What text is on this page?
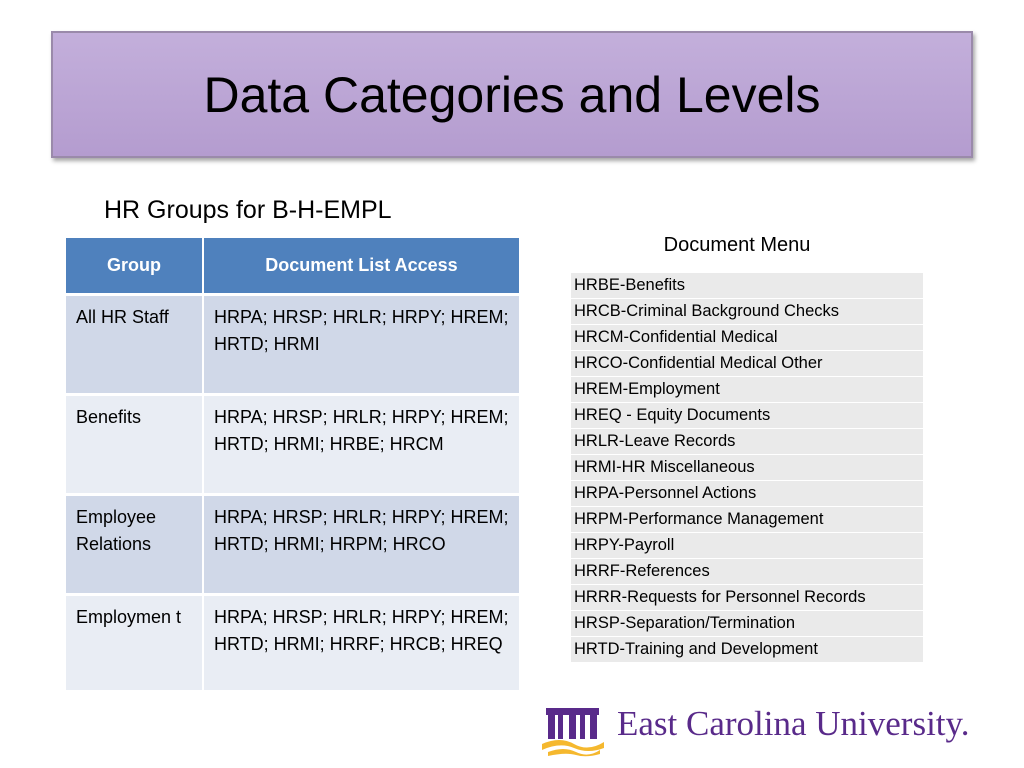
Data Categories and Levels
HR Groups for B-H-EMPL
Group	Document List Access
All HR Staff	HRPA; HRSP; HRLR; HRPY; HREM; HRTD; HRMI
Benefits	HRPA; HRSP; HRLR; HRPY; HREM; HRTD; HRMI; HRBE; HRCM
Employee Relations	HRPA; HRSP; HRLR; HRPY; HREM; HRTD; HRMI; HRPM; HRCO
Employmen t	HRPA; HRSP; HRLR; HRPY; HREM; HRTD; HRMI; HRRF; HRCB; HREQ
Document Menu
HRBE-Benefits
HRCB-Criminal Background Checks
HRCM-Confidential Medical
HRCO-Confidential Medical Other
HREM-Employment
HREQ - Equity Documents
HRLR-Leave Records
HRMI-HR Miscellaneous
HRPA-Personnel Actions
HRPM-Performance Management
HRPY-Payroll
HRRF-References
HRRR-Requests for Personnel Records
HRSP-Separation/Termination
HRTD-Training and Development
East Carolina University.
